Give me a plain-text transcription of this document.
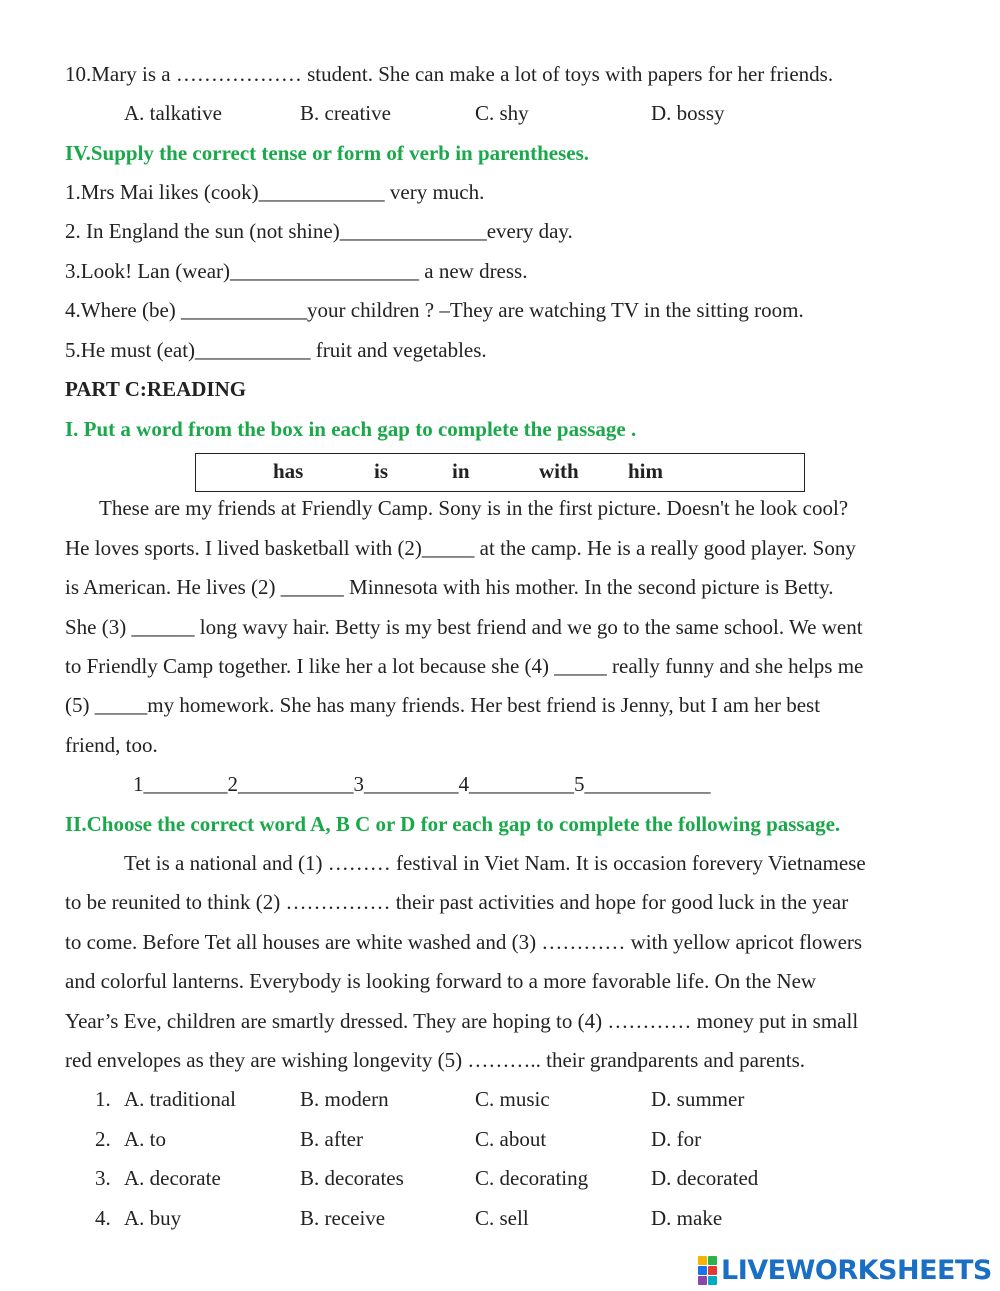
10.Mary is a ……………… student. She can make a lot of toys with papers for her friends.
A. talkative	B. creative	C. shy	D. bossy
IV.Supply the correct tense or form of verb in parentheses.
1.Mrs Mai likes (cook)____________ very much.
2. In England the sun (not shine)______________every day.
3.Look! Lan (wear)__________________ a new dress.
4.Where (be) ____________your children ? –They are watching TV in the sitting room.
5.He must (eat)___________ fruit and vegetables.
PART C:READING
I. Put a word from the box in each gap to complete the passage .
has	is	in	with him
These are my friends at Friendly Camp. Sony is in the first picture. Doesn't he look cool?
He loves sports. I lived basketball with (2)_____ at the camp. He is a really good player. Sony
is American. He lives (2) ______ Minnesota with his mother. In the second picture is Betty.
She (3) ______ long wavy hair. Betty is my best friend and we go to the same school. We went
to Friendly Camp together. I like her a lot because she (4) _____ really funny and she helps me
(5) _____my homework. She has many friends. Her best friend is Jenny, but I am her best
friend, too.
1________2___________3_________4__________5____________
II.Choose the correct word A, B C or D for each gap to complete the following passage.
Tet is a national and (1) ……… festival in Viet Nam. It is occasion forevery Vietnamese
to be reunited to think (2) …………… their past activities and hope for good luck in the year
to come. Before Tet all houses are white washed and (3) ………… with yellow apricot flowers
and colorful lanterns. Everybody is looking forward to a more favorable life. On the New
Year’s Eve, children are smartly dressed. They are hoping to (4) ………… money put in small
red envelopes as they are wishing longevity (5) ……….. their grandparents and parents.
1. A. traditional	B. modern	C. music	D. summer
2. A. to	B. after	C. about	D. for
3. A. decorate	B. decorates	C. decorating	D. decorated
4. A. buy	B. receive	C. sell	D. make
LIVEWORKSHEETS
